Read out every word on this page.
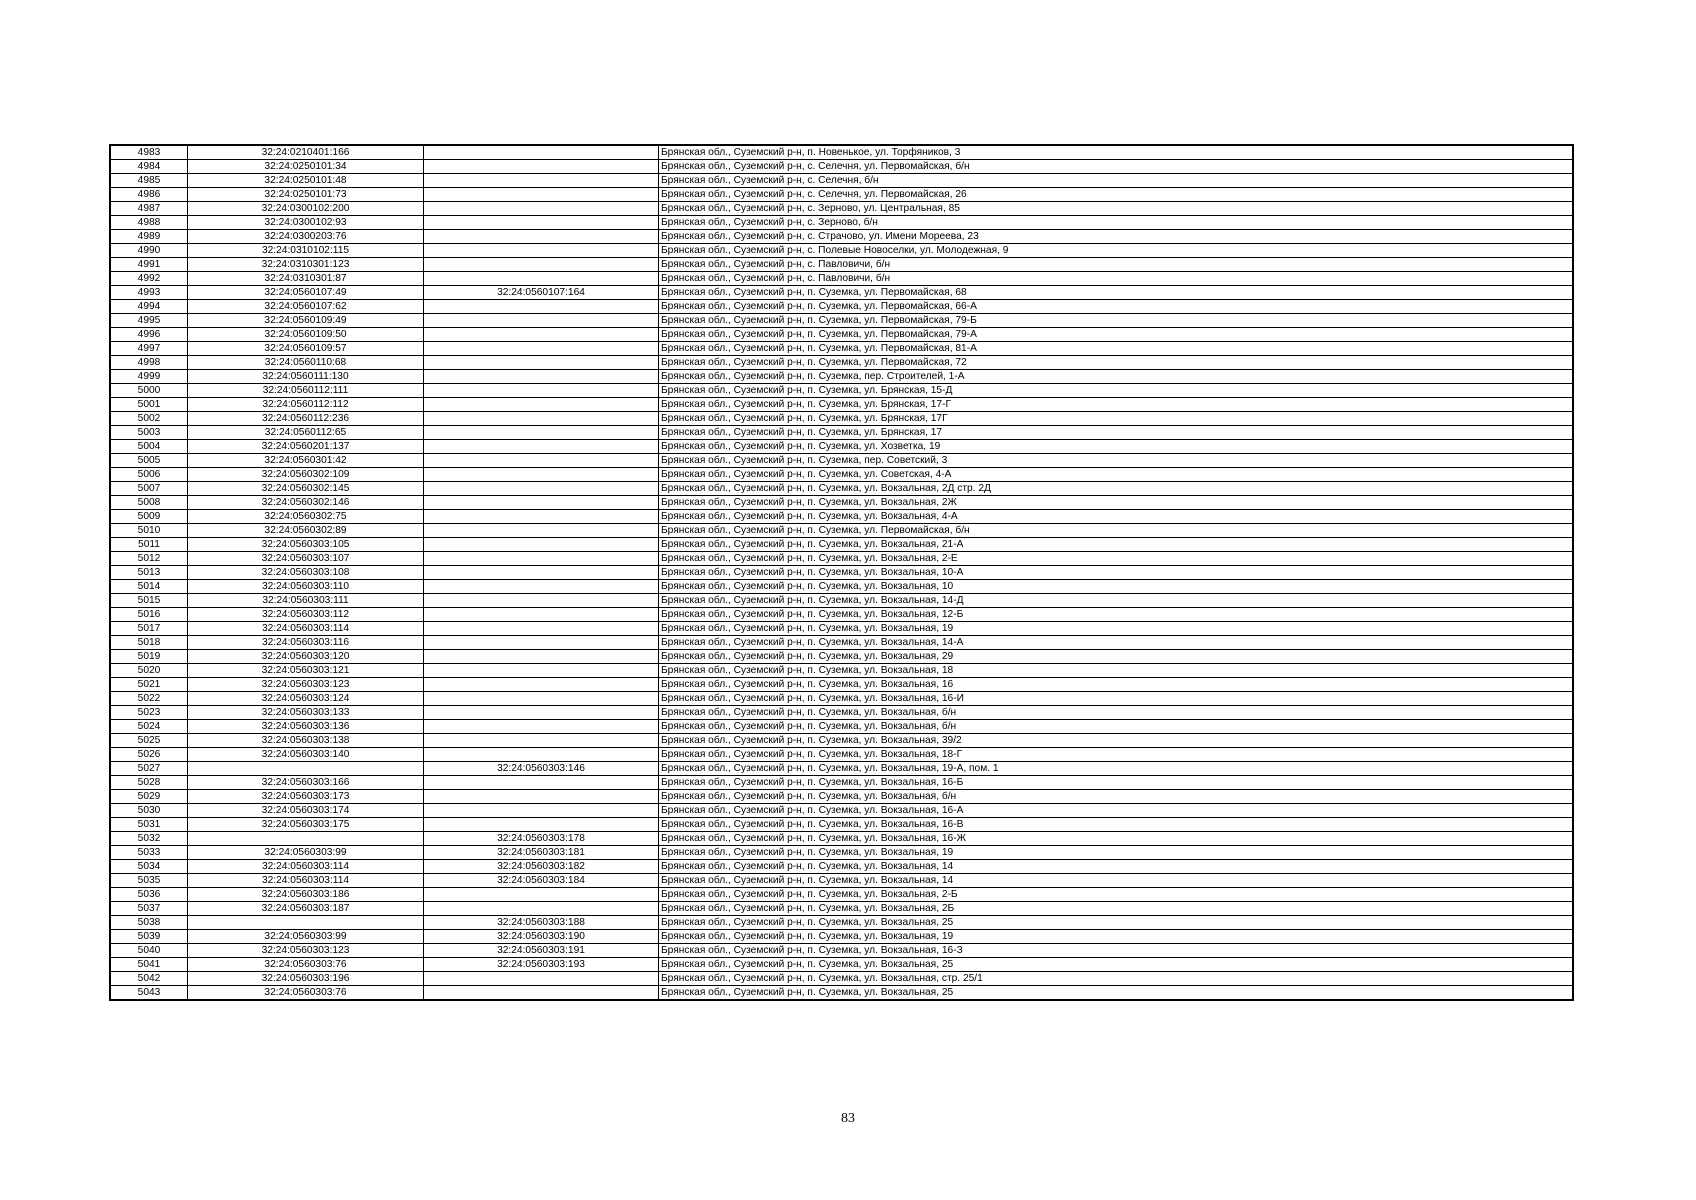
4983	32:24:0210401:166		Брянская обл., Суземский р-н, п. Новенькое, ул. Торфяников, 3
4984	32:24:0250101:34		Брянская обл., Суземский р-н, с. Селечня, ул. Первомайская, б/н
4985	32:24:0250101:48		Брянская обл., Суземский р-н, с. Селечня, б/н
4986	32:24:0250101:73		Брянская обл., Суземский р-н, с. Селечня, ул. Первомайская, 26
4987	32:24:0300102:200		Брянская обл., Суземский р-н, с. Зерново, ул. Центральная, 85
4988	32:24:0300102:93		Брянская обл., Суземский р-н, с. Зерново, б/н
4989	32:24:0300203:76		Брянская обл., Суземский р-н, с. Страчово, ул. Имени Мореева, 23
4990	32:24:0310102:115		Брянская обл., Суземский р-н, с. Полевые Новоселки, ул. Молодежная, 9
4991	32:24:0310301:123		Брянская обл., Суземский р-н, с. Павловичи, б/н
4992	32:24:0310301:87		Брянская обл., Суземский р-н, с. Павловичи, б/н
4993	32:24:0560107:49	32:24:0560107:164	Брянская обл., Суземский р-н, п. Суземка, ул. Первомайская, 68
4994	32:24:0560107:62		Брянская обл., Суземский р-н, п. Суземка, ул. Первомайская, 66-А
4995	32:24:0560109:49		Брянская обл., Суземский р-н, п. Суземка, ул. Первомайская, 79-Б
4996	32:24:0560109:50		Брянская обл., Суземский р-н, п. Суземка, ул. Первомайская, 79-А
4997	32:24:0560109:57		Брянская обл., Суземский р-н, п. Суземка, ул. Первомайская, 81-А
4998	32:24:0560110:68		Брянская обл., Суземский р-н, п. Суземка, ул. Первомайская, 72
4999	32:24:0560111:130		Брянская обл., Суземский р-н, п. Суземка, пер. Строителей, 1-А
5000	32:24:0560112:111		Брянская обл., Суземский р-н, п. Суземка, ул. Брянская, 15-Д
5001	32:24:0560112:112		Брянская обл., Суземский р-н, п. Суземка, ул. Брянская, 17-Г
5002	32:24:0560112:236		Брянская обл., Суземский р-н, п. Суземка, ул. Брянская, 17Г
5003	32:24:0560112:65		Брянская обл., Суземский р-н, п. Суземка, ул. Брянская, 17
5004	32:24:0560201:137		Брянская обл., Суземский р-н, п. Суземка, ул. Хозветка, 19
5005	32:24:0560301:42		Брянская обл., Суземский р-н, п. Суземка, пер. Советский, 3
5006	32:24:0560302:109		Брянская обл., Суземский р-н, п. Суземка, ул. Советская, 4-А
5007	32:24:0560302:145		Брянская обл., Суземский р-н, п. Суземка, ул. Вокзальная, 2Д стр. 2Д
5008	32:24:0560302:146		Брянская обл., Суземский р-н, п. Суземка, ул. Вокзальная, 2Ж
5009	32:24:0560302:75		Брянская обл., Суземский р-н, п. Суземка, ул. Вокзальная, 4-А
5010	32:24:0560302:89		Брянская обл., Суземский р-н, п. Суземка, ул. Первомайская, б/н
5011	32:24:0560303:105		Брянская обл., Суземский р-н, п. Суземка, ул. Вокзальная, 21-А
5012	32:24:0560303:107		Брянская обл., Суземский р-н, п. Суземка, ул. Вокзальная, 2-Е
5013	32:24:0560303:108		Брянская обл., Суземский р-н, п. Суземка, ул. Вокзальная, 10-А
5014	32:24:0560303:110		Брянская обл., Суземский р-н, п. Суземка, ул. Вокзальная, 10
5015	32:24:0560303:111		Брянская обл., Суземский р-н, п. Суземка, ул. Вокзальная, 14-Д
5016	32:24:0560303:112		Брянская обл., Суземский р-н, п. Суземка, ул. Вокзальная, 12-Б
5017	32:24:0560303:114		Брянская обл., Суземский р-н, п. Суземка, ул. Вокзальная, 19
5018	32:24:0560303:116		Брянская обл., Суземский р-н, п. Суземка, ул. Вокзальная, 14-А
5019	32:24:0560303:120		Брянская обл., Суземский р-н, п. Суземка, ул. Вокзальная, 29
5020	32:24:0560303:121		Брянская обл., Суземский р-н, п. Суземка, ул. Вокзальная, 18
5021	32:24:0560303:123		Брянская обл., Суземский р-н, п. Суземка, ул. Вокзальная, 16
5022	32:24:0560303:124		Брянская обл., Суземский р-н, п. Суземка, ул. Вокзальная, 16-И
5023	32:24:0560303:133		Брянская обл., Суземский р-н, п. Суземка, ул. Вокзальная, б/н
5024	32:24:0560303:136		Брянская обл., Суземский р-н, п. Суземка, ул. Вокзальная, б/н
5025	32:24:0560303:138		Брянская обл., Суземский р-н, п. Суземка, ул. Вокзальная, 39/2
5026	32:24:0560303:140		Брянская обл., Суземский р-н, п. Суземка, ул. Вокзальная, 18-Г
5027		32:24:0560303:146	Брянская обл., Суземский р-н, п. Суземка, ул. Вокзальная, 19-А, пом. 1
5028	32:24:0560303:166		Брянская обл., Суземский р-н, п. Суземка, ул. Вокзальная, 16-Б
5029	32:24:0560303:173		Брянская обл., Суземский р-н, п. Суземка, ул. Вокзальная, б/н
5030	32:24:0560303:174		Брянская обл., Суземский р-н, п. Суземка, ул. Вокзальная, 16-А
5031	32:24:0560303:175		Брянская обл., Суземский р-н, п. Суземка, ул. Вокзальная, 16-В
5032		32:24:0560303:178	Брянская обл., Суземский р-н, п. Суземка, ул. Вокзальная, 16-Ж
5033	32:24:0560303:99	32:24:0560303:181	Брянская обл., Суземский р-н, п. Суземка, ул. Вокзальная, 19
5034	32:24:0560303:114	32:24:0560303:182	Брянская обл., Суземский р-н, п. Суземка, ул. Вокзальная, 14
5035	32:24:0560303:114	32:24:0560303:184	Брянская обл., Суземский р-н, п. Суземка, ул. Вокзальная, 14
5036	32:24:0560303:186		Брянская обл., Суземский р-н, п. Суземка, ул. Вокзальная, 2-Б
5037	32:24:0560303:187		Брянская обл., Суземский р-н, п. Суземка, ул. Вокзальная, 2Б
5038		32:24:0560303:188	Брянская обл., Суземский р-н, п. Суземка, ул. Вокзальная, 25
5039	32:24:0560303:99	32:24:0560303:190	Брянская обл., Суземский р-н, п. Суземка, ул. Вокзальная, 19
5040	32:24:0560303:123	32:24:0560303:191	Брянская обл., Суземский р-н, п. Суземка, ул. Вокзальная, 16-З
5041	32:24:0560303:76	32:24:0560303:193	Брянская обл., Суземский р-н, п. Суземка, ул. Вокзальная, 25
5042	32:24:0560303:196		Брянская обл., Суземский р-н, п. Суземка, ул. Вокзальная, стр. 25/1
5043	32:24:0560303:76		Брянская обл., Суземский р-н, п. Суземка, ул. Вокзальная, 25
83
